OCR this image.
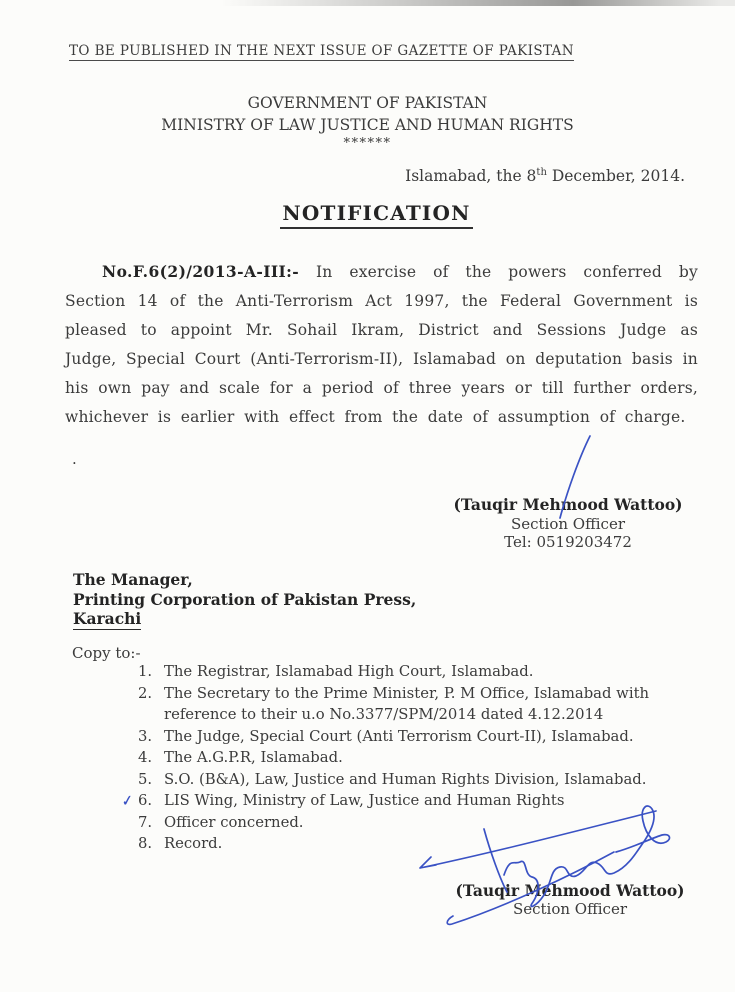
TO BE PUBLISHED IN THE NEXT ISSUE OF GAZETTE OF PAKISTAN
GOVERNMENT OF PAKISTAN
MINISTRY OF LAW JUSTICE AND HUMAN RIGHTS
******
Islamabad, the 8th December, 2014.
NOTIFICATION
No.F.6(2)/2013-A-III:- In exercise of the powers conferred by Section 14 of the Anti-Terrorism Act 1997, the Federal Government is pleased to appoint Mr. Sohail Ikram, District and Sessions Judge as Judge, Special Court (Anti-Terrorism-II), Islamabad on deputation basis in his own pay and scale for a period of three years or till further orders, whichever is earlier with effect from the date of assumption of charge.
.
(Tauqir Mehmood Wattoo)
Section Officer
Tel: 0519203472
The Manager,
Printing Corporation of Pakistan Press,
Karachi
Copy to:-
1. The Registrar, Islamabad High Court, Islamabad.
2. The Secretary to the Prime Minister, P. M Office, Islamabad with reference to their u.o No.3377/SPM/2014 dated 4.12.2014
3. The Judge, Special Court (Anti Terrorism Court-II), Islamabad.
4. The A.G.P.R, Islamabad.
5. S.O. (B&A), Law, Justice and Human Rights Division, Islamabad.
✓ 6. LIS Wing, Ministry of Law, Justice and Human Rights
7. Officer concerned.
8. Record.
(Tauqir Mehmood Wattoo)
Section Officer
